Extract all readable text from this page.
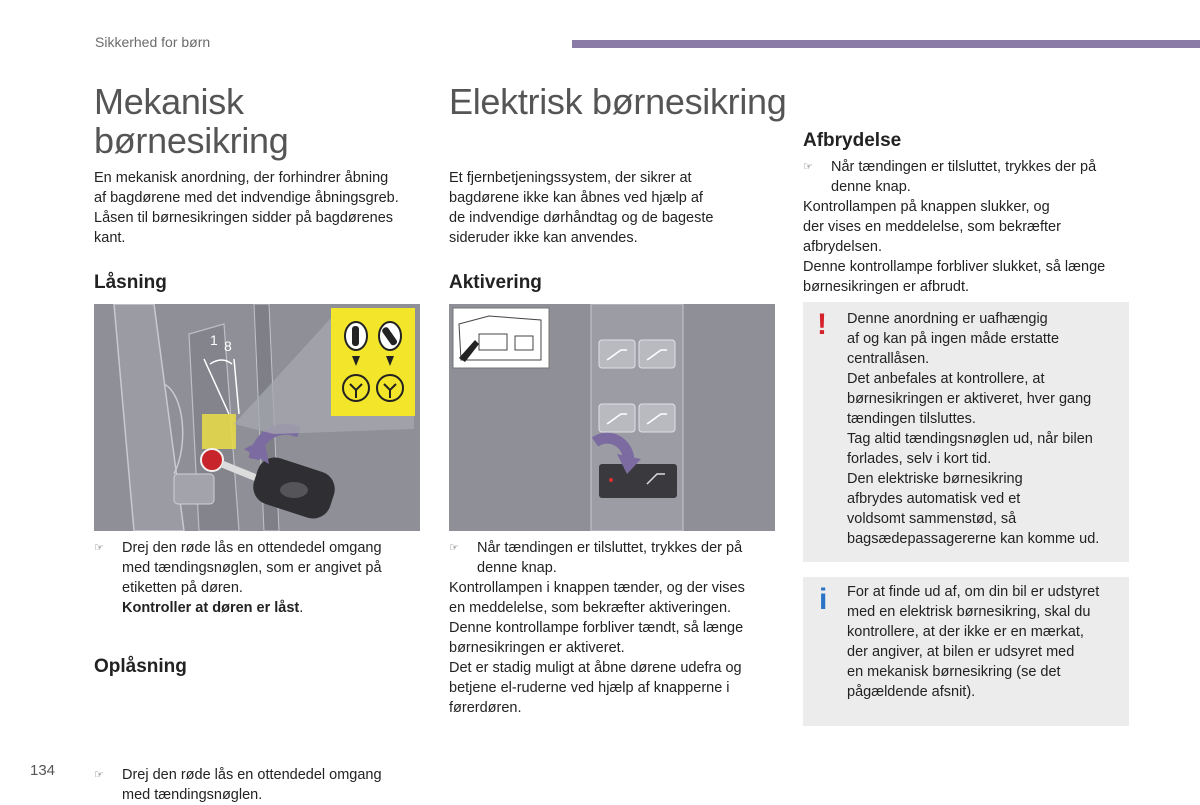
Sikkerhed for børn
Mekanisk
børnesikring
Elektrisk børnesikring
En mekanisk anordning, der forhindrer åbning
af bagdørene med det indvendige åbningsgreb.
Låsen til børnesikringen sidder på bagdørenes
kant.
Et fjernbetjeningssystem, der sikrer at
bagdørene ikke kan åbnes ved hjælp af
de indvendige dørhåndtag og de bageste
sideruder ikke kan anvendes.
Låsning	Aktivering
Afbrydelse
1 8
☞ Drej den røde lås en ottendedel omgang
med tændingsnøglen, som er angivet på
etiketten på døren.
Kontroller at døren er låst.
Oplåsning
☞ Drej den røde lås en ottendedel omgang
med tændingsnøglen.
☞ Når tændingen er tilsluttet, trykkes der på
denne knap.
Kontrollampen i knappen tænder, og der vises
en meddelelse, som bekræfter aktiveringen.
Denne kontrollampe forbliver tændt, så længe
børnesikringen er aktiveret.
Det er stadig muligt at åbne dørene udefra og
betjene el-ruderne ved hjælp af knapperne i
førerdøren.
☞ Når tændingen er tilsluttet, trykkes der på
denne knap.
Kontrollampen på knappen slukker, og
der vises en meddelelse, som bekræfter
afbrydelsen.
Denne kontrollampe forbliver slukket, så længe
børnesikringen er afbrudt.
! Denne anordning er uafhængig
af og kan på ingen måde erstatte
centrallåsen.
Det anbefales at kontrollere, at
børnesikringen er aktiveret, hver gang
tændingen tilsluttes.
Tag altid tændingsnøglen ud, når bilen
forlades, selv i kort tid.
Den elektriske børnesikring
afbrydes automatisk ved et
voldsomt sammenstød, så
bagsædepassagererne kan komme ud.
i For at finde ud af, om din bil er udstyret
med en elektrisk børnesikring, skal du
kontrollere, at der ikke er en mærkat,
der angiver, at bilen er udsyret med
en mekanisk børnesikring (se det
pågældende afsnit).
134
